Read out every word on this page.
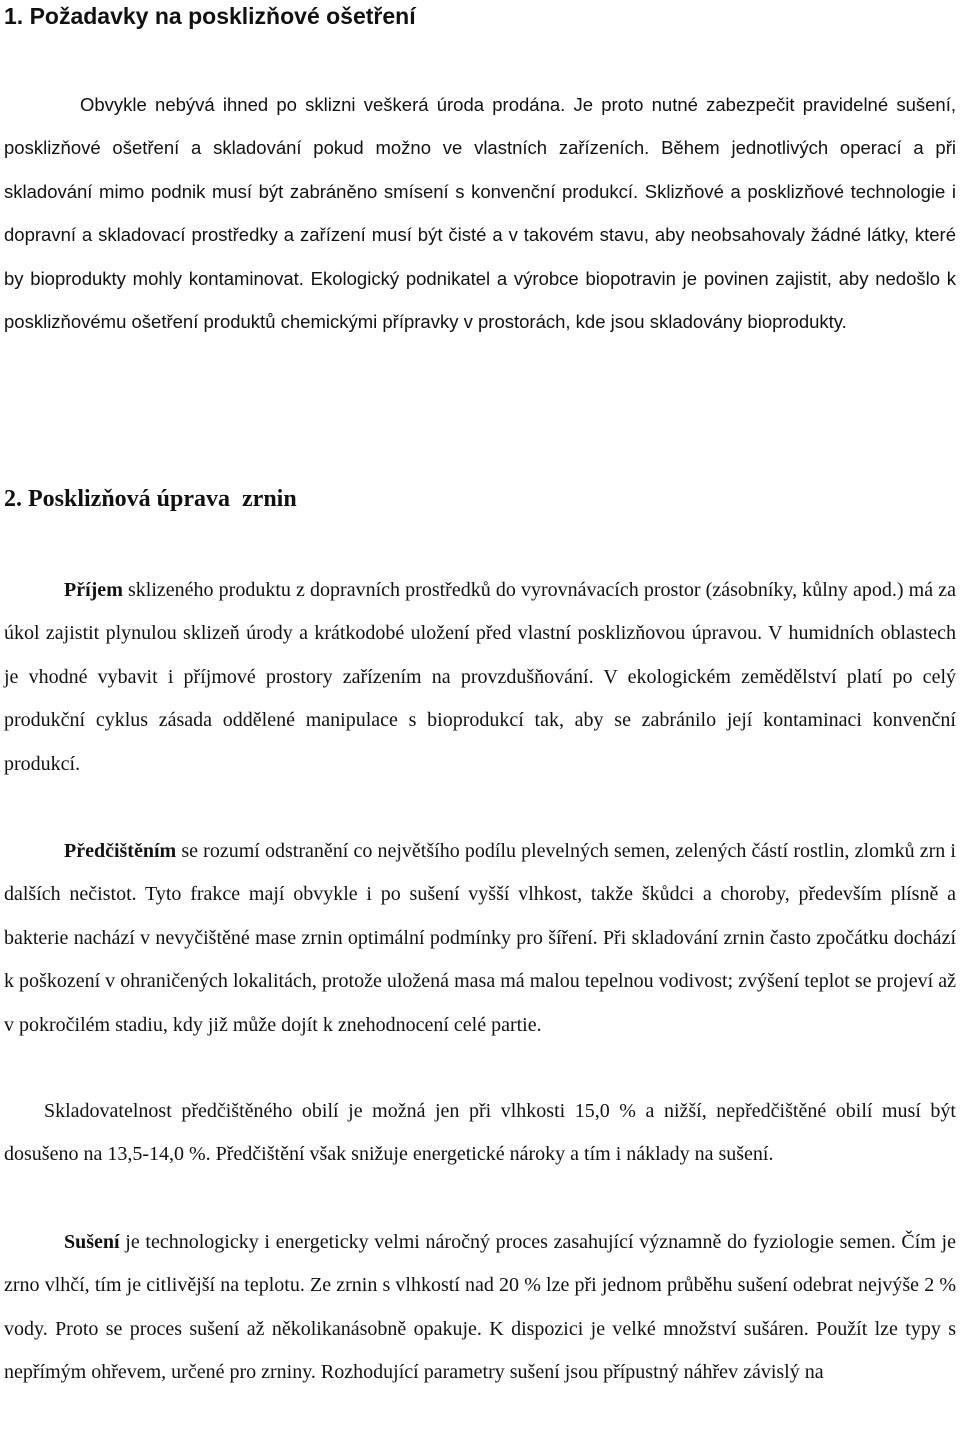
1. Požadavky na posklizňové ošetření

Obvykle nebývá ihned po sklizni veškerá úroda prodána. Je proto nutné zabezpečit pravidelné sušení, posklizňové ošetření a skladování pokud možno ve vlastních zařízeních. Během jednotlivých operací a při skladování mimo podnik musí být zabráněno smísení s konvenční produkcí. Sklizňové a posklizňové technologie i dopravní a skladovací prostředky a zařízení musí být čisté a v takovém stavu, aby neobsahovaly žádné látky, které by bioprodukty mohly kontaminovat. Ekologický podnikatel a výrobce biopotravin je povinen zajistit, aby nedošlo k posklizňovému ošetření produktů chemickými přípravky v prostorách, kde jsou skladovány bioprodukty.

2. Posklizňová úprava  zrnin

Příjem sklizeného produktu z dopravních prostředků do vyrovnávacích prostor (zásobníky, kůlny apod.) má za úkol zajistit plynulou sklizeň úrody a krátkodobé uložení před vlastní posklizňovou úpravou. V humidních oblastech je vhodné vybavit i příjmové prostory zařízením na provzdušňování. V ekologickém zemědělství platí po celý produkční cyklus zásada oddělené manipulace s bioprodukcí tak, aby se zabránilo její kontaminaci konvenční produkcí.

Předčištěním se rozumí odstranění co největšího podílu plevelných semen, zelených částí rostlin, zlomků zrn i dalších nečistot. Tyto frakce mají obvykle i po sušení vyšší vlhkost, takže škůdci a choroby, především plísně a bakterie nachází v nevyčištěné mase zrnin optimální podmínky pro šíření. Při skladování zrnin často zpočátku dochází k poškození v ohraničených lokalitách, protože uložená masa má malou tepelnou vodivost; zvýšení teplot se projeví až v pokročilém stadiu, kdy již může dojít k znehodnocení celé partie.

Skladovatelnost předčištěného obilí je možná jen při vlhkosti 15,0 % a nižší, nepředčištěné obilí musí být dosušeno na 13,5-14,0 %. Předčištění však snižuje energetické nároky a tím i náklady na sušení.

Sušení je technologicky i energeticky velmi náročný proces zasahující významně do fyziologie semen. Čím je zrno vlhčí, tím je citlivější na teplotu. Ze zrnin s vlhkostí nad 20 % lze při jednom průběhu sušení odebrat nejvýše 2 % vody. Proto se proces sušení až několikanásobně opakuje. K dispozici je velké množství sušáren. Použít lze typy s nepřímým ohřevem, určené pro zrniny. Rozhodující parametry sušení jsou přípustný náhřev závislý na
